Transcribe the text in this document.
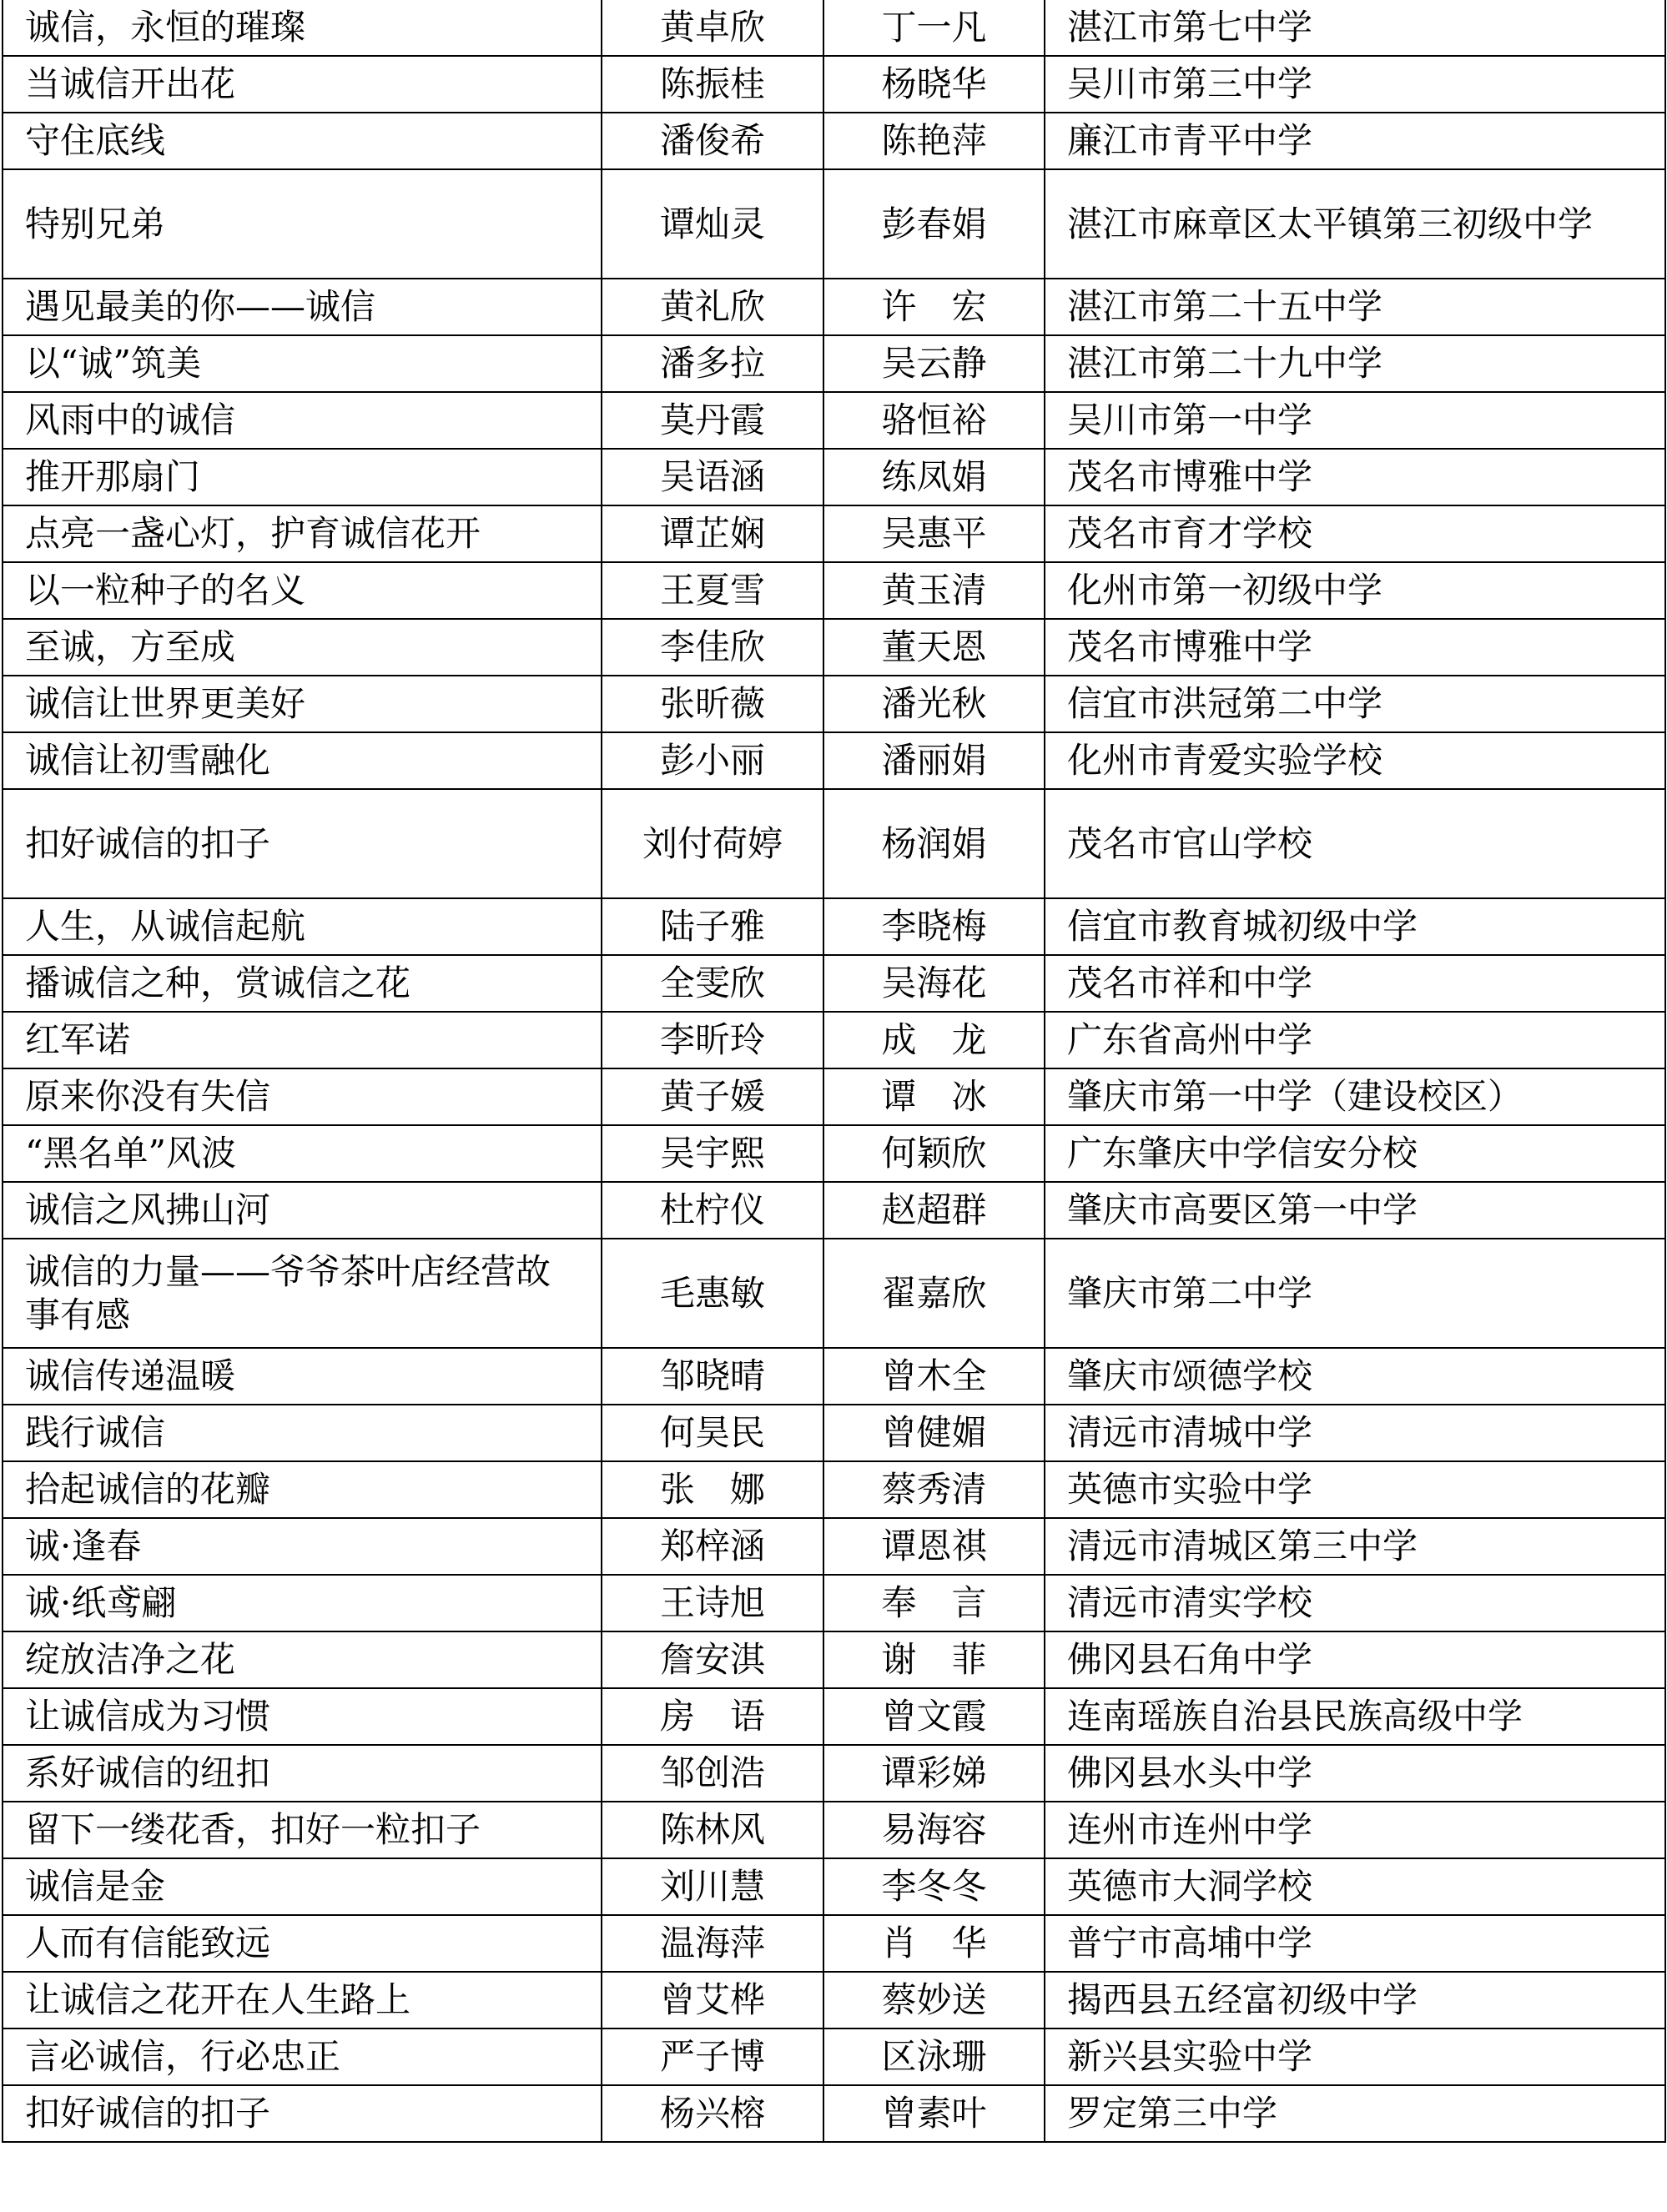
诚信，永恒的璀璨	黄卓欣	丁一凡	湛江市第七中学
当诚信开出花	陈振桂	杨晓华	吴川市第三中学
守住底线	潘俊希	陈艳萍	廉江市青平中学
特别兄弟	谭灿灵	彭春娟	湛江市麻章区太平镇第三初级中学
遇见最美的你——诚信	黄礼欣	许　宏	湛江市第二十五中学
以“诚”筑美	潘多拉	吴云静	湛江市第二十九中学
风雨中的诚信	莫丹霞	骆恒裕	吴川市第一中学
推开那扇门	吴语涵	练凤娟	茂名市博雅中学
点亮一盏心灯，护育诚信花开	谭芷娴	吴惠平	茂名市育才学校
以一粒种子的名义	王夏雪	黄玉清	化州市第一初级中学
至诚，方至成	李佳欣	董天恩	茂名市博雅中学
诚信让世界更美好	张昕薇	潘光秋	信宜市洪冠第二中学
诚信让初雪融化	彭小丽	潘丽娟	化州市青爱实验学校
扣好诚信的扣子	刘付荷婷	杨润娟	茂名市官山学校
人生，从诚信起航	陆子雅	李晓梅	信宜市教育城初级中学
播诚信之种，赏诚信之花	全雯欣	吴海花	茂名市祥和中学
红军诺	李昕玲	成　龙	广东省高州中学
原来你没有失信	黄子媛	谭　冰	肇庆市第一中学（建设校区）
“黑名单”风波	吴宇熙	何颖欣	广东肇庆中学信安分校
诚信之风拂山河	杜柠仪	赵超群	肇庆市高要区第一中学
诚信的力量——爷爷茶叶店经营故事有感	毛惠敏	翟嘉欣	肇庆市第二中学
诚信传递温暖	邹晓晴	曾木全	肇庆市颂德学校
践行诚信	何昊民	曾健媚	清远市清城中学
拾起诚信的花瓣	张　娜	蔡秀清	英德市实验中学
诚·逢春	郑梓涵	谭恩祺	清远市清城区第三中学
诚·纸鸢翩	王诗旭	奉　言	清远市清实学校
绽放洁净之花	詹安淇	谢　菲	佛冈县石角中学
让诚信成为习惯	房　语	曾文霞	连南瑶族自治县民族高级中学
系好诚信的纽扣	邹创浩	谭彩娣	佛冈县水头中学
留下一缕花香，扣好一粒扣子	陈林风	易海容	连州市连州中学
诚信是金	刘川慧	李冬冬	英德市大洞学校
人而有信能致远	温海萍	肖　华	普宁市高埔中学
让诚信之花开在人生路上	曾艾桦	蔡妙送	揭西县五经富初级中学
言必诚信，行必忠正	严子博	区泳珊	新兴县实验中学
扣好诚信的扣子	杨兴榕	曾素叶	罗定第三中学
